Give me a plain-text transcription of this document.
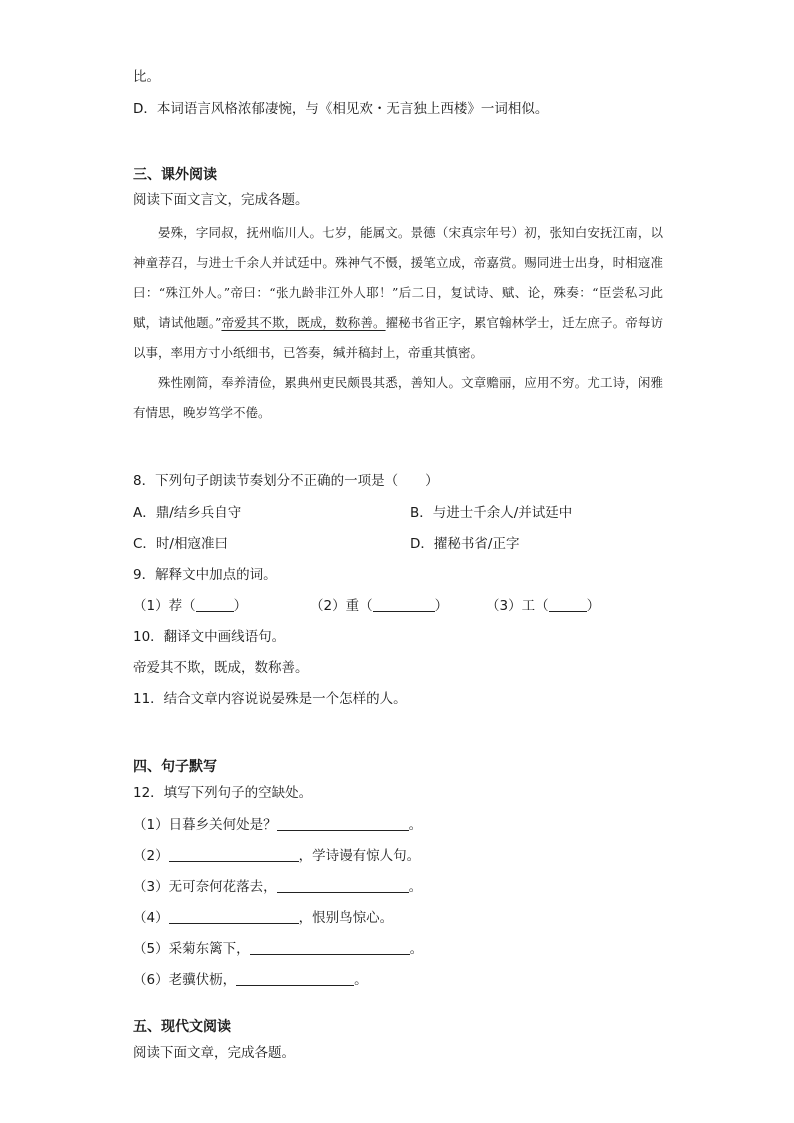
比。
D．本词语言风格浓郁凄惋，与《相见欢・无言独上西楼》一词相似。
三、课外阅读
阅读下面文言文，完成各题。

晏殊，字同叔，抚州临川人。七岁，能属文。景德（宋真宗年号）初，张知白安抚江南，以神童荐召，与进士千余人并试廷中。殊神气不慑，援笔立成，帝嘉赏。赐同进士出身，时相寇准曰：“殊江外人。”帝曰：“张九龄非江外人耶！”后二日，复试诗、赋、论，殊奏：“臣尝私习此赋，请试他题。”帝爱其不欺，既成，数称善。擢秘书省正字，累官翰林学士，迁左庶子。帝每访以事，率用方寸小纸细书，已答奏，缄并稿封上，帝重其慎密。

殊性刚简，奉养清俭，累典州吏民颇畏其悉，善知人。文章赡丽，应用不穷。尤工诗，闲雅有情思，晚岁笃学不倦。

8．下列句子朗读节奏划分不正确的一项是（　　）
A．鼎/结乡兵自守	B．与进士千余人/并试廷中
C．时/相寇准曰	D．擢秘书省/正字
9．解释文中加点的词。
（1）荐（	）	（2）重（	）	（3）工（	）
10．翻译文中画线语句。
帝爱其不欺，既成，数称善。
11．结合文章内容说说晏殊是一个怎样的人。
四、句子默写
12．填写下列句子的空缺处。
（1）日暮乡关何处是？	。
（2）	，学诗谩有惊人句。
（3）无可奈何花落去，	。
（4）	，恨别鸟惊心。
（5）采菊东篱下，	。
（6）老骥伏枥，	。
五、现代文阅读
阅读下面文章，完成各题。
